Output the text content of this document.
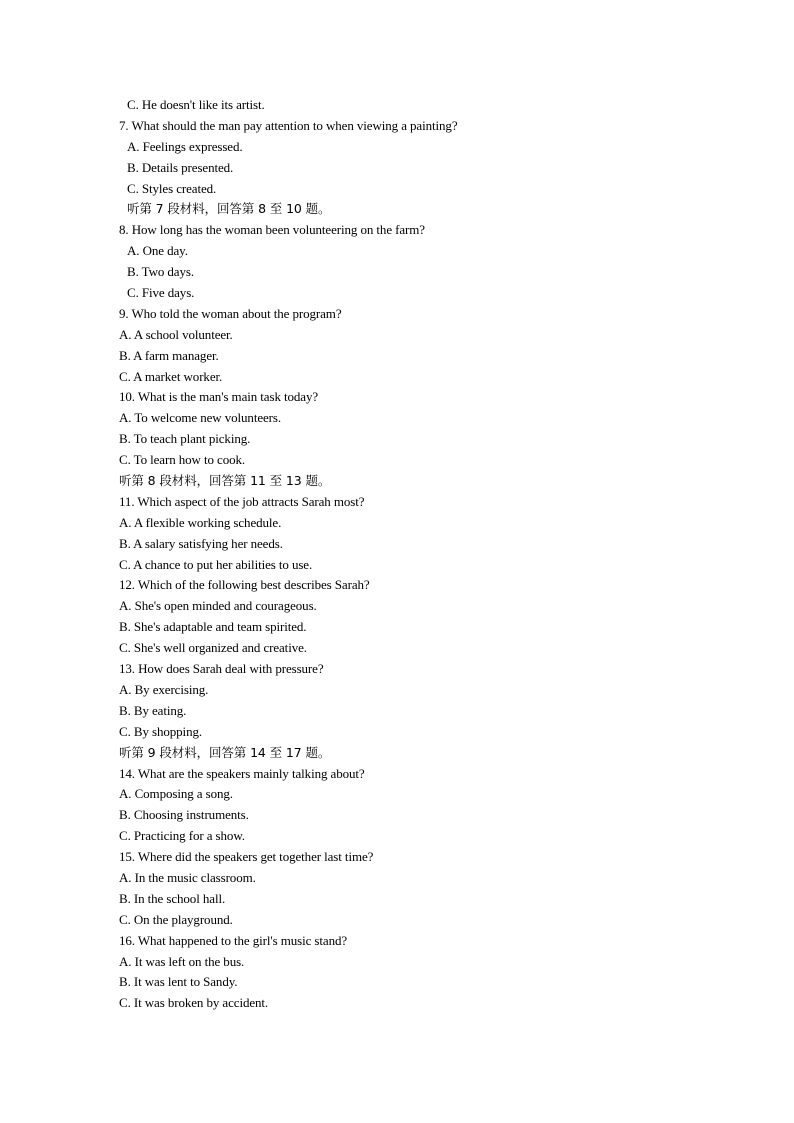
C. He doesn't like its artist.
7. What should the man pay attention to when viewing a painting?
A. Feelings expressed.
B. Details presented.
C. Styles created.
听第 7 段材料，回答第 8 至 10 题。
8. How long has the woman been volunteering on the farm?
A. One day.
B. Two days.
C. Five days.
9. Who told the woman about the program?
A. A school volunteer.
B. A farm manager.
C. A market worker.
10. What is the man's main task today?
A. To welcome new volunteers.
B. To teach plant picking.
C. To learn how to cook.
听第 8 段材料，回答第 11 至 13 题。
11. Which aspect of the job attracts Sarah most?
A. A flexible working schedule.
B. A salary satisfying her needs.
C. A chance to put her abilities to use.
12. Which of the following best describes Sarah?
A. She's open minded and courageous.
B. She's adaptable and team spirited.
C. She's well organized and creative.
13. How does Sarah deal with pressure?
A. By exercising.
B. By eating.
C. By shopping.
听第 9 段材料，回答第 14 至 17 题。
14. What are the speakers mainly talking about?
A. Composing a song.
B. Choosing instruments.
C. Practicing for a show.
15. Where did the speakers get together last time?
A. In the music classroom.
B. In the school hall.
C. On the playground.
16. What happened to the girl's music stand?
A. It was left on the bus.
B. It was lent to Sandy.
C. It was broken by accident.
